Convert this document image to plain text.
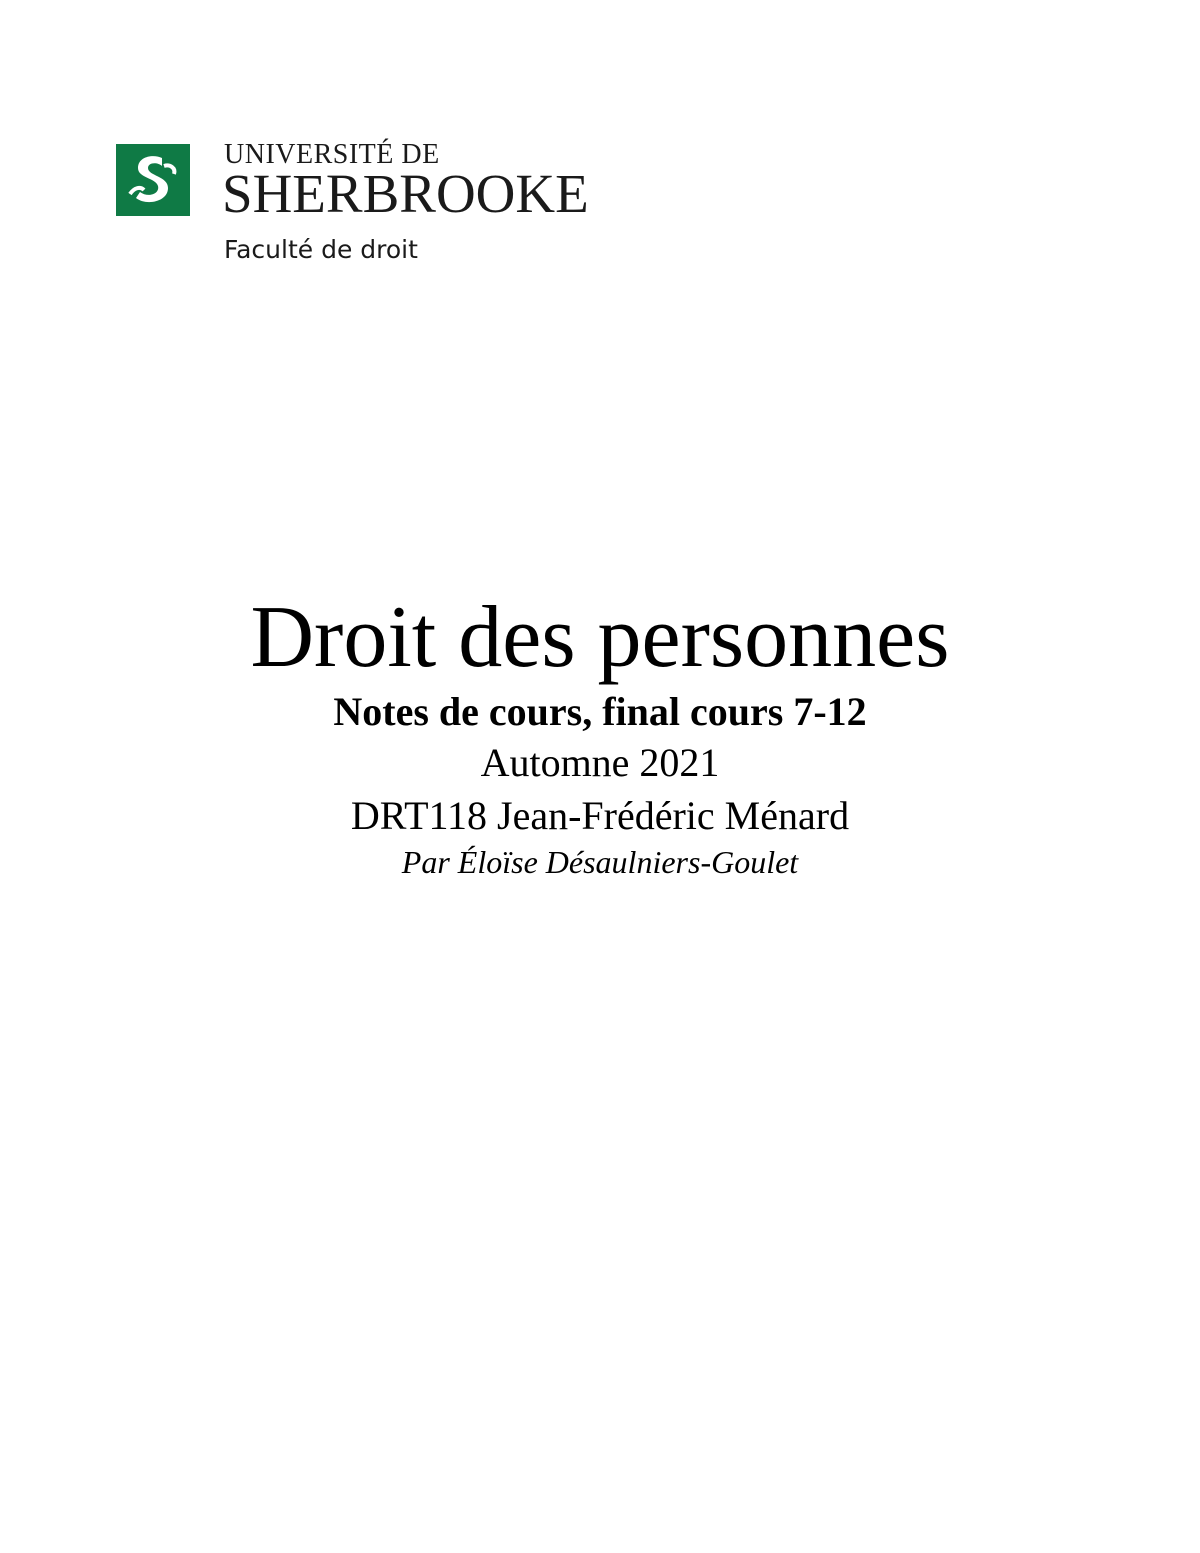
UNIVERSITÉ DE
SHERBROOKE
Faculté de droit
Droit des personnes

Notes de cours, final cours 7-12

Automne 2021

DRT118 Jean-Frédéric Ménard

Par Éloïse Désaulniers-Goulet
